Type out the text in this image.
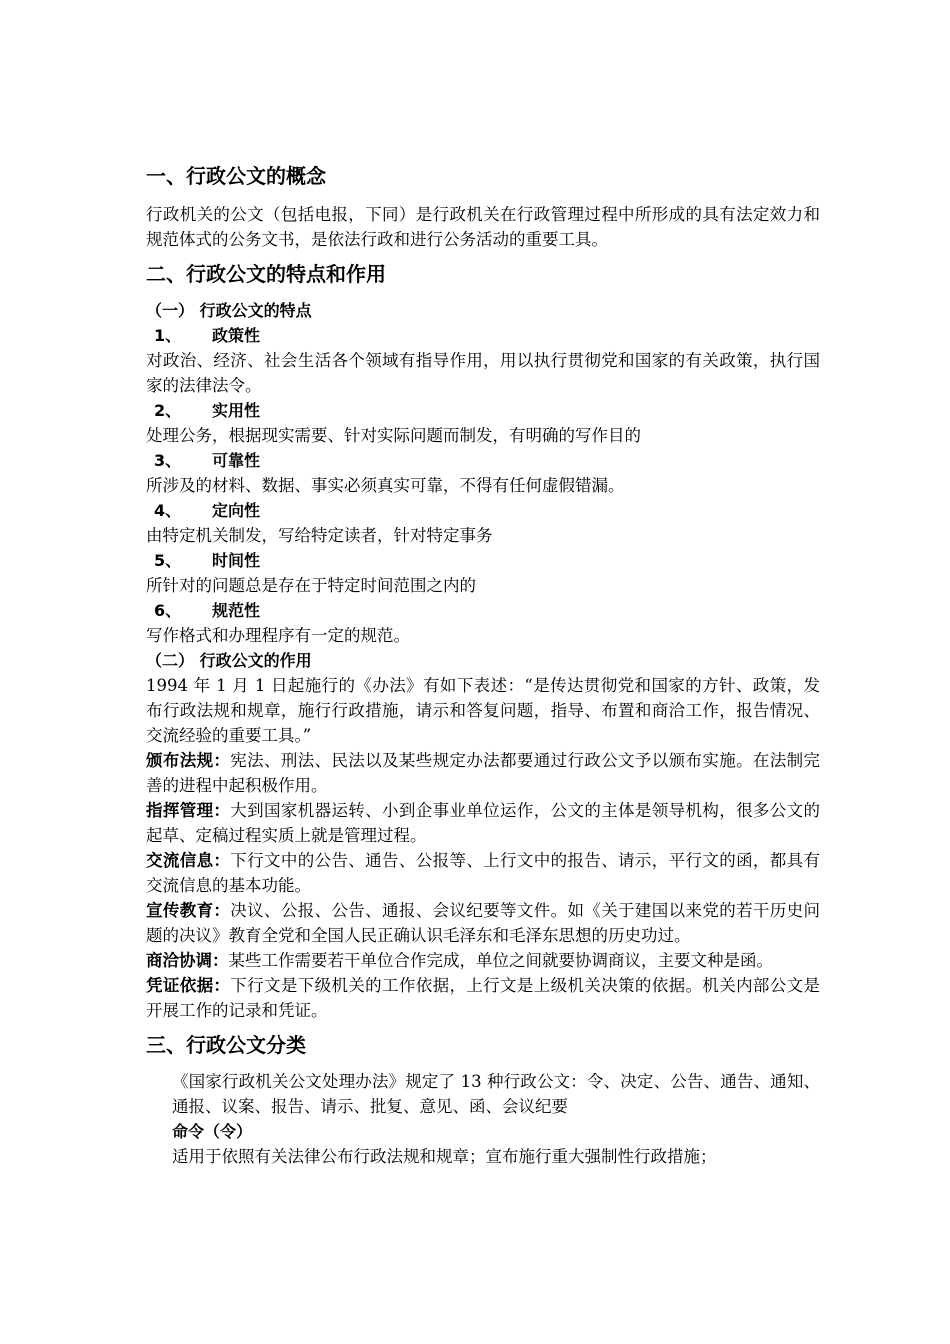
一、行政公文的概念

行政机关的公文（包括电报，下同）是行政机关在行政管理过程中所形成的具有法定效力和规范体式的公务文书，是依法行政和进行公务活动的重要工具。

二、行政公文的特点和作用

（一） 行政公文的特点

1、 政策性

对政治、经济、社会生活各个领域有指导作用，用以执行贯彻党和国家的有关政策，执行国家的法律法令。

2、 实用性

处理公务，根据现实需要、针对实际问题而制发，有明确的写作目的

3、 可靠性

所涉及的材料、数据、事实必须真实可靠，不得有任何虚假错漏。

4、 定向性

由特定机关制发，写给特定读者，针对特定事务

5、 时间性

所针对的问题总是存在于特定时间范围之内的

6、 规范性

写作格式和办理程序有一定的规范。

（二） 行政公文的作用

1994 年 1 月 1 日起施行的《办法》有如下表述：“是传达贯彻党和国家的方针、政策，发布行政法规和规章，施行行政措施，请示和答复问题，指导、布置和商洽工作，报告情况、交流经验的重要工具。”

颁布法规：宪法、刑法、民法以及某些规定办法都要通过行政公文予以颁布实施。在法制完善的进程中起积极作用。

指挥管理：大到国家机器运转、小到企事业单位运作，公文的主体是领导机构，很多公文的起草、定稿过程实质上就是管理过程。

交流信息：下行文中的公告、通告、公报等、上行文中的报告、请示，平行文的函，都具有交流信息的基本功能。

宣传教育：决议、公报、公告、通报、会议纪要等文件。如《关于建国以来党的若干历史问题的决议》教育全党和全国人民正确认识毛泽东和毛泽东思想的历史功过。

商洽协调：某些工作需要若干单位合作完成，单位之间就要协调商议，主要文种是函。

凭证依据：下行文是下级机关的工作依据，上行文是上级机关决策的依据。机关内部公文是开展工作的记录和凭证。

三、行政公文分类

《国家行政机关公文处理办法》规定了 13 种行政公文：令、决定、公告、通告、通知、通报、议案、报告、请示、批复、意见、函、会议纪要

命令（令）

适用于依照有关法律公布行政法规和规章；宣布施行重大强制性行政措施；
